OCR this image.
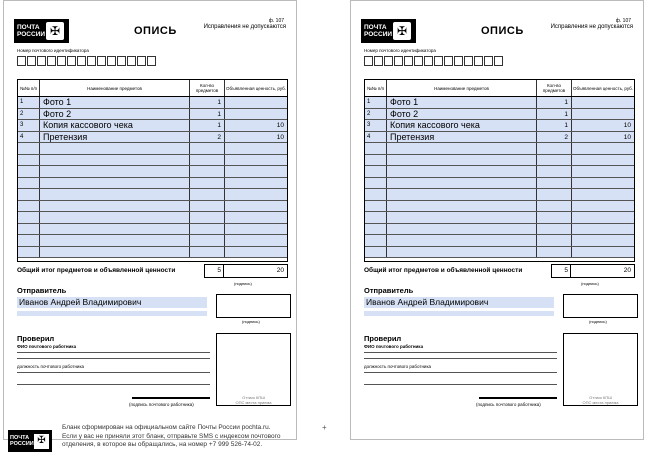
ПОЧТА РОССИИ ✠	ОПИСЬ
ф. 107
Исправления не допускаются
Номер почтового идентификатора
№№ п/п	Наименование предметов	Кол-во предметов	Объявленная ценность, руб.
1	Фото 1	1
2	Фото 2	1
3	Копия кассового чека	1	10
4	Претензия	2	10
Общий итог предметов и объявленной ценности	5	20
(подпись)
Отправитель
Иванов Андрей Владимирович
(подпись)
Проверил
ФИО почтового работника
должность почтового работника
(подпись почтового работника)
Оттиск КПШ
ОПС места приема
ПОЧТА РОССИИ ✠	ОПИСЬ
ф. 107
Исправления не допускаются
Номер почтового идентификатора
№№ п/п	Наименование предметов	Кол-во предметов	Объявленная ценность, руб.
1	Фото 1	1
2	Фото 2	1
3	Копия кассового чека	1	10
4	Претензия	2	10
Общий итог предметов и объявленной ценности	5	20
(подпись)
Отправитель
Иванов Андрей Владимирович
(подпись)
Проверил
ФИО почтового работника
должность почтового работника
(подпись почтового работника)
Оттиск КПШ
ОПС места приема
+
ПОЧТА РОССИИ ✠
Бланк сформирован на официальном сайте Почты России pochta.ru.
Если у вас не приняли этот бланк, отправьте SMS с индексом почтового
отделения, в которое вы обращались, на номер +7 999 526-74-02.
